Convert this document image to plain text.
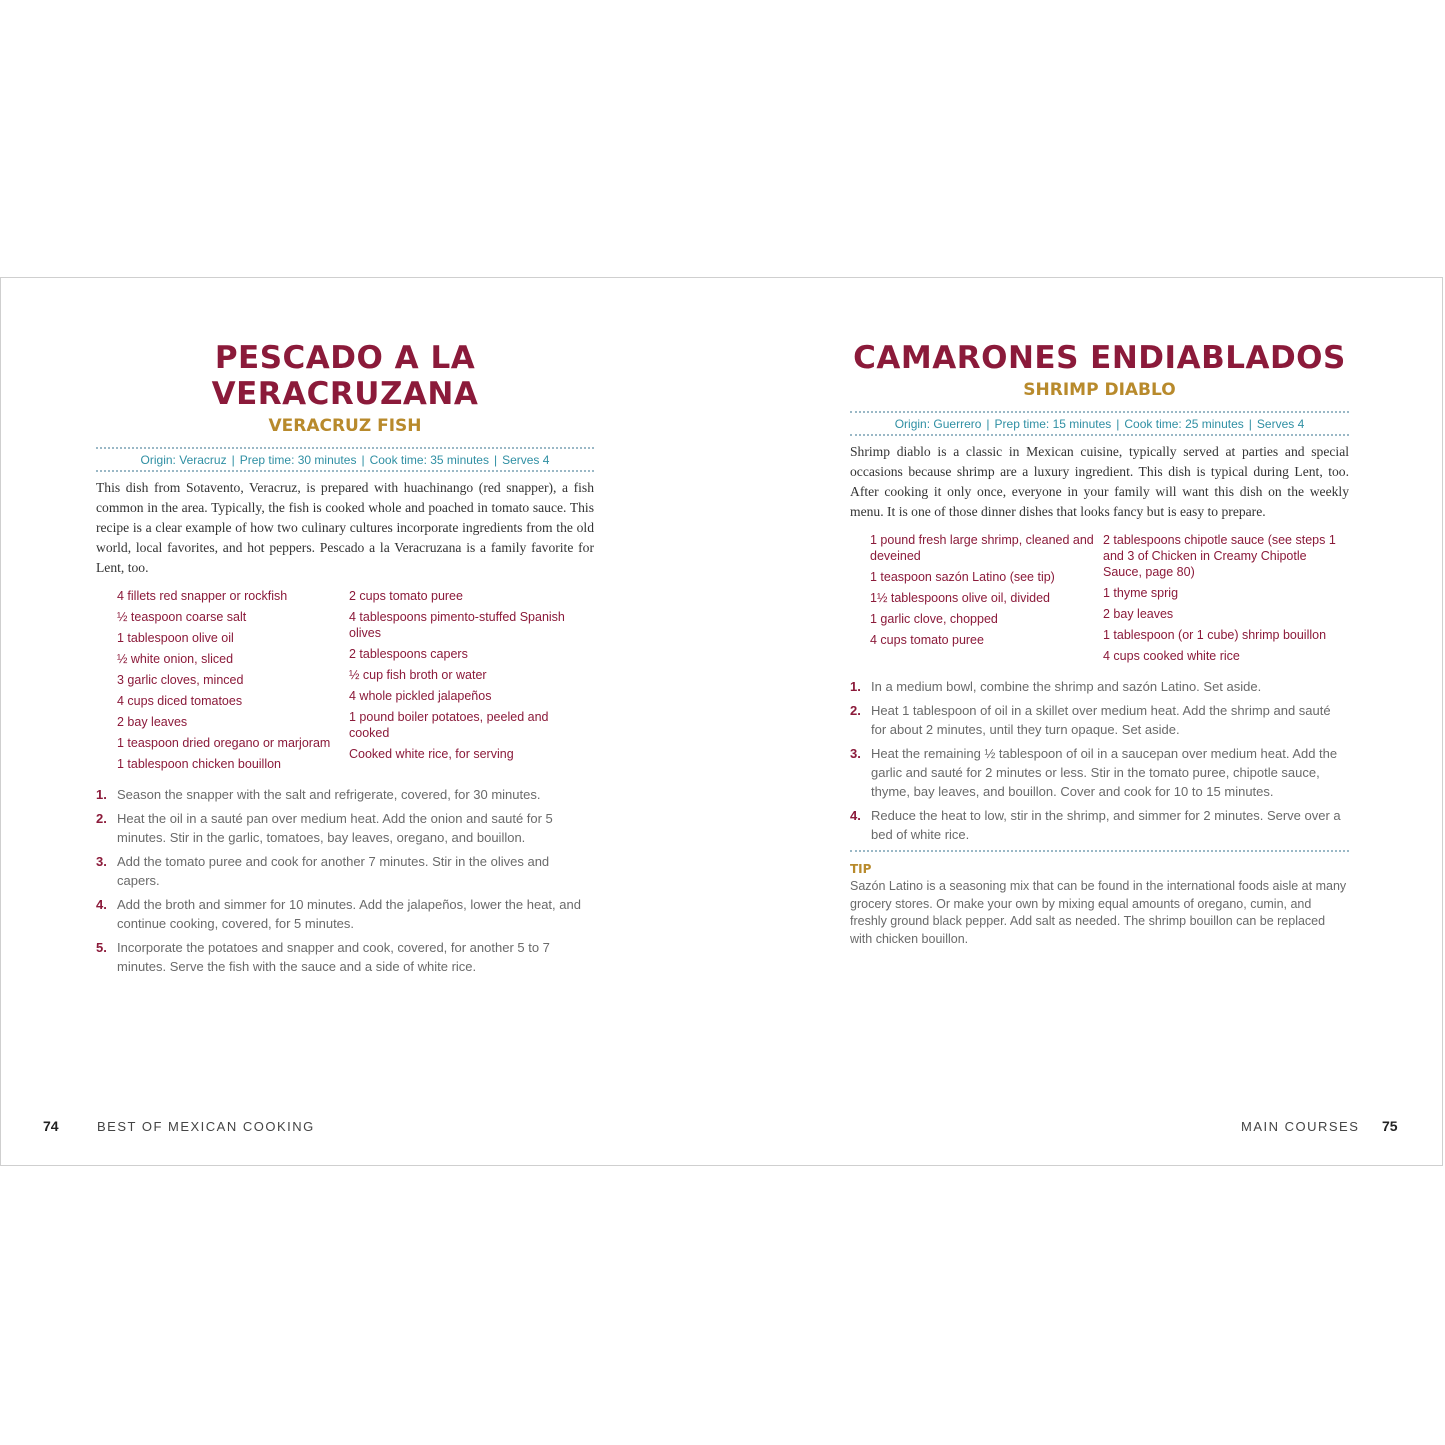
PESCADO A LA
VERACRUZANA
VERACRUZ FISH
Origin: Veracruz | Prep time: 30 minutes | Cook time: 35 minutes | Serves 4

This dish from Sotavento, Veracruz, is prepared with huachinango (red snapper), a fish common in the area. Typically, the fish is cooked whole and poached in tomato sauce. This recipe is a clear example of how two culinary cultures incorporate ingredients from the old world, local favorites, and hot peppers. Pescado a la Veracruzana is a family favorite for Lent, too.

4 fillets red snapper or rockfish
½ teaspoon coarse salt
1 tablespoon olive oil
½ white onion, sliced
3 garlic cloves, minced
4 cups diced tomatoes
2 bay leaves
1 teaspoon dried oregano or marjoram
1 tablespoon chicken bouillon
2 cups tomato puree
4 tablespoons pimento-stuffed Spanish olives
2 tablespoons capers
½ cup fish broth or water
4 whole pickled jalapeños
1 pound boiler potatoes, peeled and cooked
Cooked white rice, for serving
1. Season the snapper with the salt and refrigerate, covered, for 30 minutes.
2. Heat the oil in a sauté pan over medium heat. Add the onion and sauté for 5 minutes. Stir in the garlic, tomatoes, bay leaves, oregano, and bouillon.
3. Add the tomato puree and cook for another 7 minutes. Stir in the olives and capers.
4. Add the broth and simmer for 10 minutes. Add the jalapeños, lower the heat, and continue cooking, covered, for 5 minutes.
5. Incorporate the potatoes and snapper and cook, covered, for another 5 to 7 minutes. Serve the fish with the sauce and a side of white rice.
74	BEST OF MEXICAN COOKING
CAMARONES ENDIABLADOS
SHRIMP DIABLO
Origin: Guerrero | Prep time: 15 minutes | Cook time: 25 minutes | Serves 4

Shrimp diablo is a classic in Mexican cuisine, typically served at parties and special occasions because shrimp are a luxury ingredient. This dish is typical during Lent, too. After cooking it only once, everyone in your family will want this dish on the weekly menu. It is one of those dinner dishes that looks fancy but is easy to prepare.

1 pound fresh large shrimp, cleaned and deveined
1 teaspoon sazón Latino (see tip)
1½ tablespoons olive oil, divided
1 garlic clove, chopped
4 cups tomato puree
2 tablespoons chipotle sauce (see steps 1 and 3 of Chicken in Creamy Chipotle Sauce, page 80)
1 thyme sprig
2 bay leaves
1 tablespoon (or 1 cube) shrimp bouillon
4 cups cooked white rice
1. In a medium bowl, combine the shrimp and sazón Latino. Set aside.
2. Heat 1 tablespoon of oil in a skillet over medium heat. Add the shrimp and sauté for about 2 minutes, until they turn opaque. Set aside.
3. Heat the remaining ½ tablespoon of oil in a saucepan over medium heat. Add the garlic and sauté for 2 minutes or less. Stir in the tomato puree, chipotle sauce, thyme, bay leaves, and bouillon. Cover and cook for 10 to 15 minutes.
4. Reduce the heat to low, stir in the shrimp, and simmer for 2 minutes. Serve over a bed of white rice.
TIP
Sazón Latino is a seasoning mix that can be found in the international foods aisle at many grocery stores. Or make your own by mixing equal amounts of oregano, cumin, and freshly ground black pepper. Add salt as needed. The shrimp bouillon can be replaced with chicken bouillon.
MAIN COURSES 75
